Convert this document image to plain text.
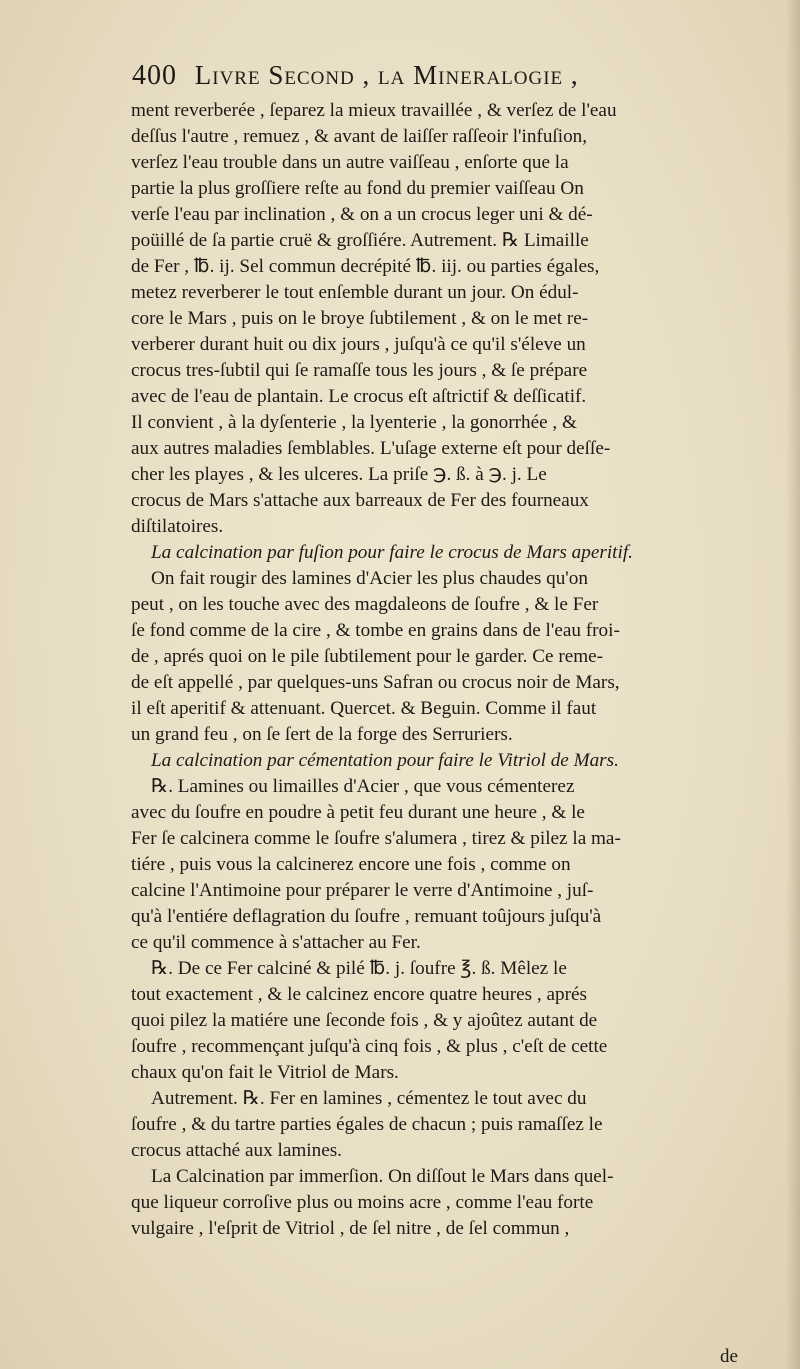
400 Livre Second , la Mineralogie ,
ment reverberée , ſeparez la mieux travaillée , & verſez de l'eau
deſſus l'autre , remuez , & avant de laiſſer raſſeoir l'infuſion,
verſez l'eau trouble dans un autre vaiſſeau , enſorte que la
partie la plus groſſiere reſte au fond du premier vaiſſeau On
verſe l'eau par inclination , & on a un crocus leger uni & dé-
poüillé de ſa partie cruë & groſſiére. Autrement. ℞ Limaille
de Fer , ℔. ij. Sel commun decrépité ℔. iij. ou parties égales,
metez reverberer le tout enſemble durant un jour. On édul-
core le Mars , puis on le broye ſubtilement , & on le met re-
verberer durant huit ou dix jours , juſqu'à ce qu'il s'éleve un
crocus tres-ſubtil qui ſe ramaſſe tous les jours , & ſe prépare
avec de l'eau de plantain. Le crocus eſt aſtrictif & deſſicatif.
Il convient , à la dyſenterie , la lyenterie , la gonorrhée , &
aux autres maladies ſemblables. L'uſage externe eſt pour deſſe-
cher les playes , & les ulceres. La priſe ℈. ß. à ℈. j. Le
crocus de Mars s'attache aux barreaux de Fer des fourneaux
diſtilatoires.
La calcination par fuſion pour faire le crocus de Mars aperitif.
On fait rougir des lamines d'Acier les plus chaudes qu'on
peut , on les touche avec des magdaleons de ſoufre , & le Fer
ſe fond comme de la cire , & tombe en grains dans de l'eau froi-
de , aprés quoi on le pile ſubtilement pour le garder. Ce reme-
de eſt appellé , par quelques-uns Safran ou crocus noir de Mars,
il eſt aperitif & attenuant. Quercet. & Beguin. Comme il faut
un grand feu , on ſe ſert de la forge des Serruriers.
La calcination par cémentation pour faire le Vitriol de Mars.
℞. Lamines ou limailles d'Acier , que vous cémenterez
avec du ſoufre en poudre à petit feu durant une heure , & le
Fer ſe calcinera comme le ſoufre s'alumera , tirez & pilez la ma-
tiére , puis vous la calcinerez encore une fois , comme on
calcine l'Antimoine pour préparer le verre d'Antimoine , juſ-
qu'à l'entiére deflagration du ſoufre , remuant toûjours juſqu'à
ce qu'il commence à s'attacher au Fer.
℞. De ce Fer calciné & pilé ℔. j. ſoufre ℥. ß. Mêlez le
tout exactement , & le calcinez encore quatre heures , aprés
quoi pilez la matiére une ſeconde fois , & y ajoûtez autant de
ſoufre , recommençant juſqu'à cinq fois , & plus , c'eſt de cette
chaux qu'on fait le Vitriol de Mars.
Autrement. ℞. Fer en lamines , cémentez le tout avec du
ſoufre , & du tartre parties égales de chacun ; puis ramaſſez le
crocus attaché aux lamines.
La Calcination par immerſion. On diſſout le Mars dans quel-
que liqueur corroſive plus ou moins acre , comme l'eau forte
vulgaire , l'eſprit de Vitriol , de ſel nitre , de ſel commun ,
de
